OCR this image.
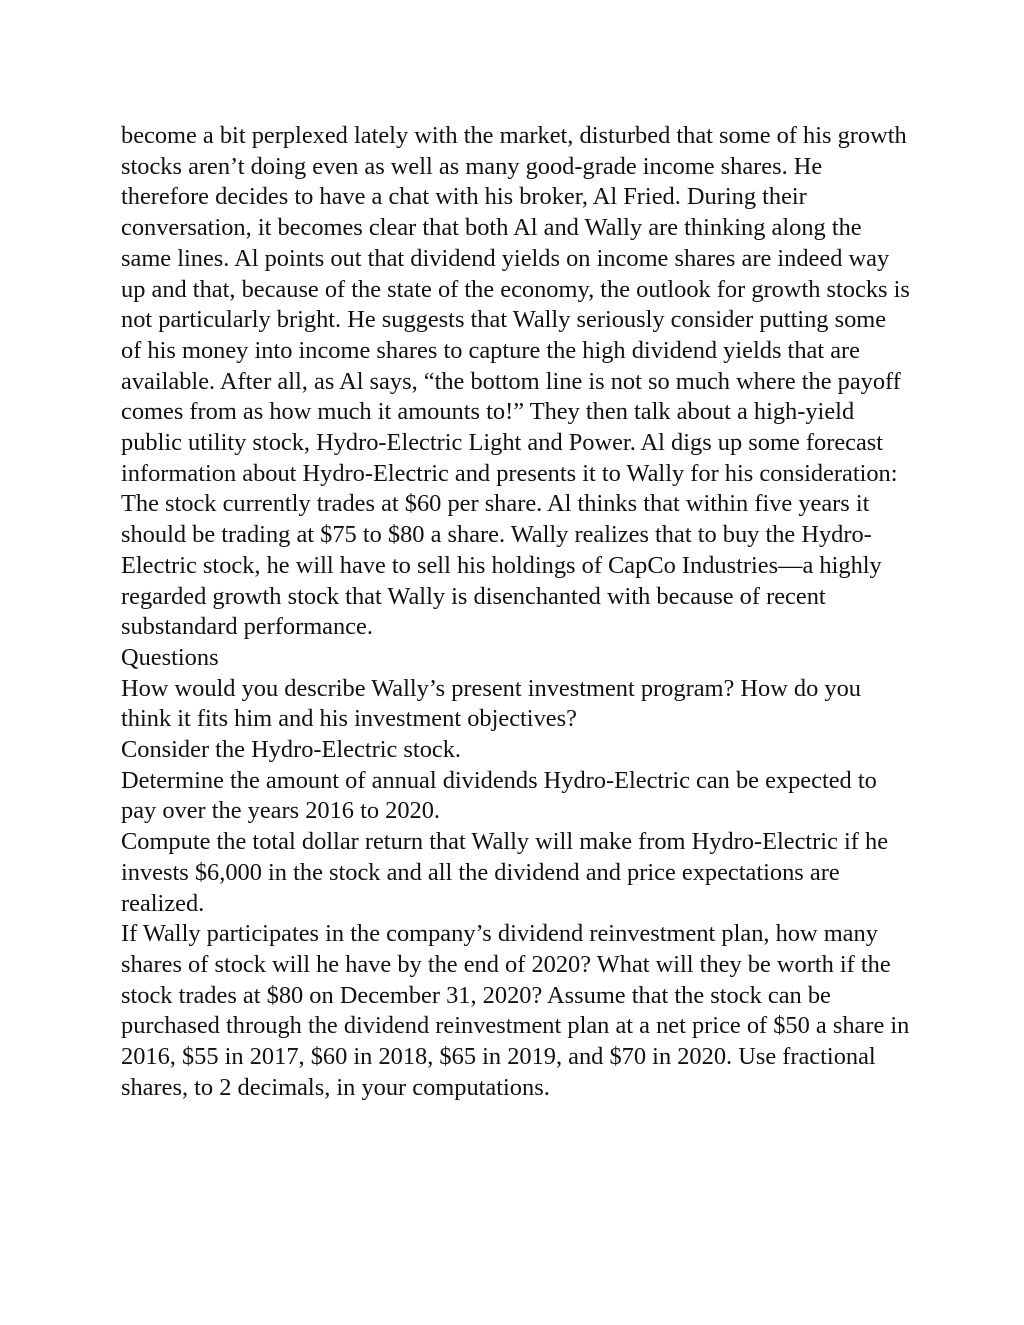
become a bit perplexed lately with the market, disturbed that some of his growth stocks aren’t doing even as well as many good-grade income shares. He therefore decides to have a chat with his broker, Al Fried. During their conversation, it becomes clear that both Al and Wally are thinking along the same lines. Al points out that dividend yields on income shares are indeed way up and that, because of the state of the economy, the outlook for growth stocks is not particularly bright. He suggests that Wally seriously consider putting some of his money into income shares to capture the high dividend yields that are available. After all, as Al says, “the bottom line is not so much where the payoff comes from as how much it amounts to!” They then talk about a high-yield public utility stock, Hydro-Electric Light and Power. Al digs up some forecast information about Hydro-Electric and presents it to Wally for his consideration:

The stock currently trades at $60 per share. Al thinks that within five years it should be trading at $75 to $80 a share. Wally realizes that to buy the Hydro-Electric stock, he will have to sell his holdings of CapCo Industries—a highly regarded growth stock that Wally is disenchanted with because of recent substandard performance.

Questions

How would you describe Wally’s present investment program? How do you think it fits him and his investment objectives?

Consider the Hydro-Electric stock.

Determine the amount of annual dividends Hydro-Electric can be expected to pay over the years 2016 to 2020.

Compute the total dollar return that Wally will make from Hydro-Electric if he invests $6,000 in the stock and all the dividend and price expectations are realized.

If Wally participates in the company’s dividend reinvestment plan, how many shares of stock will he have by the end of 2020? What will they be worth if the stock trades at $80 on December 31, 2020? Assume that the stock can be purchased through the dividend reinvestment plan at a net price of $50 a share in 2016, $55 in 2017, $60 in 2018, $65 in 2019, and $70 in 2020. Use fractional shares, to 2 decimals, in your computations.
